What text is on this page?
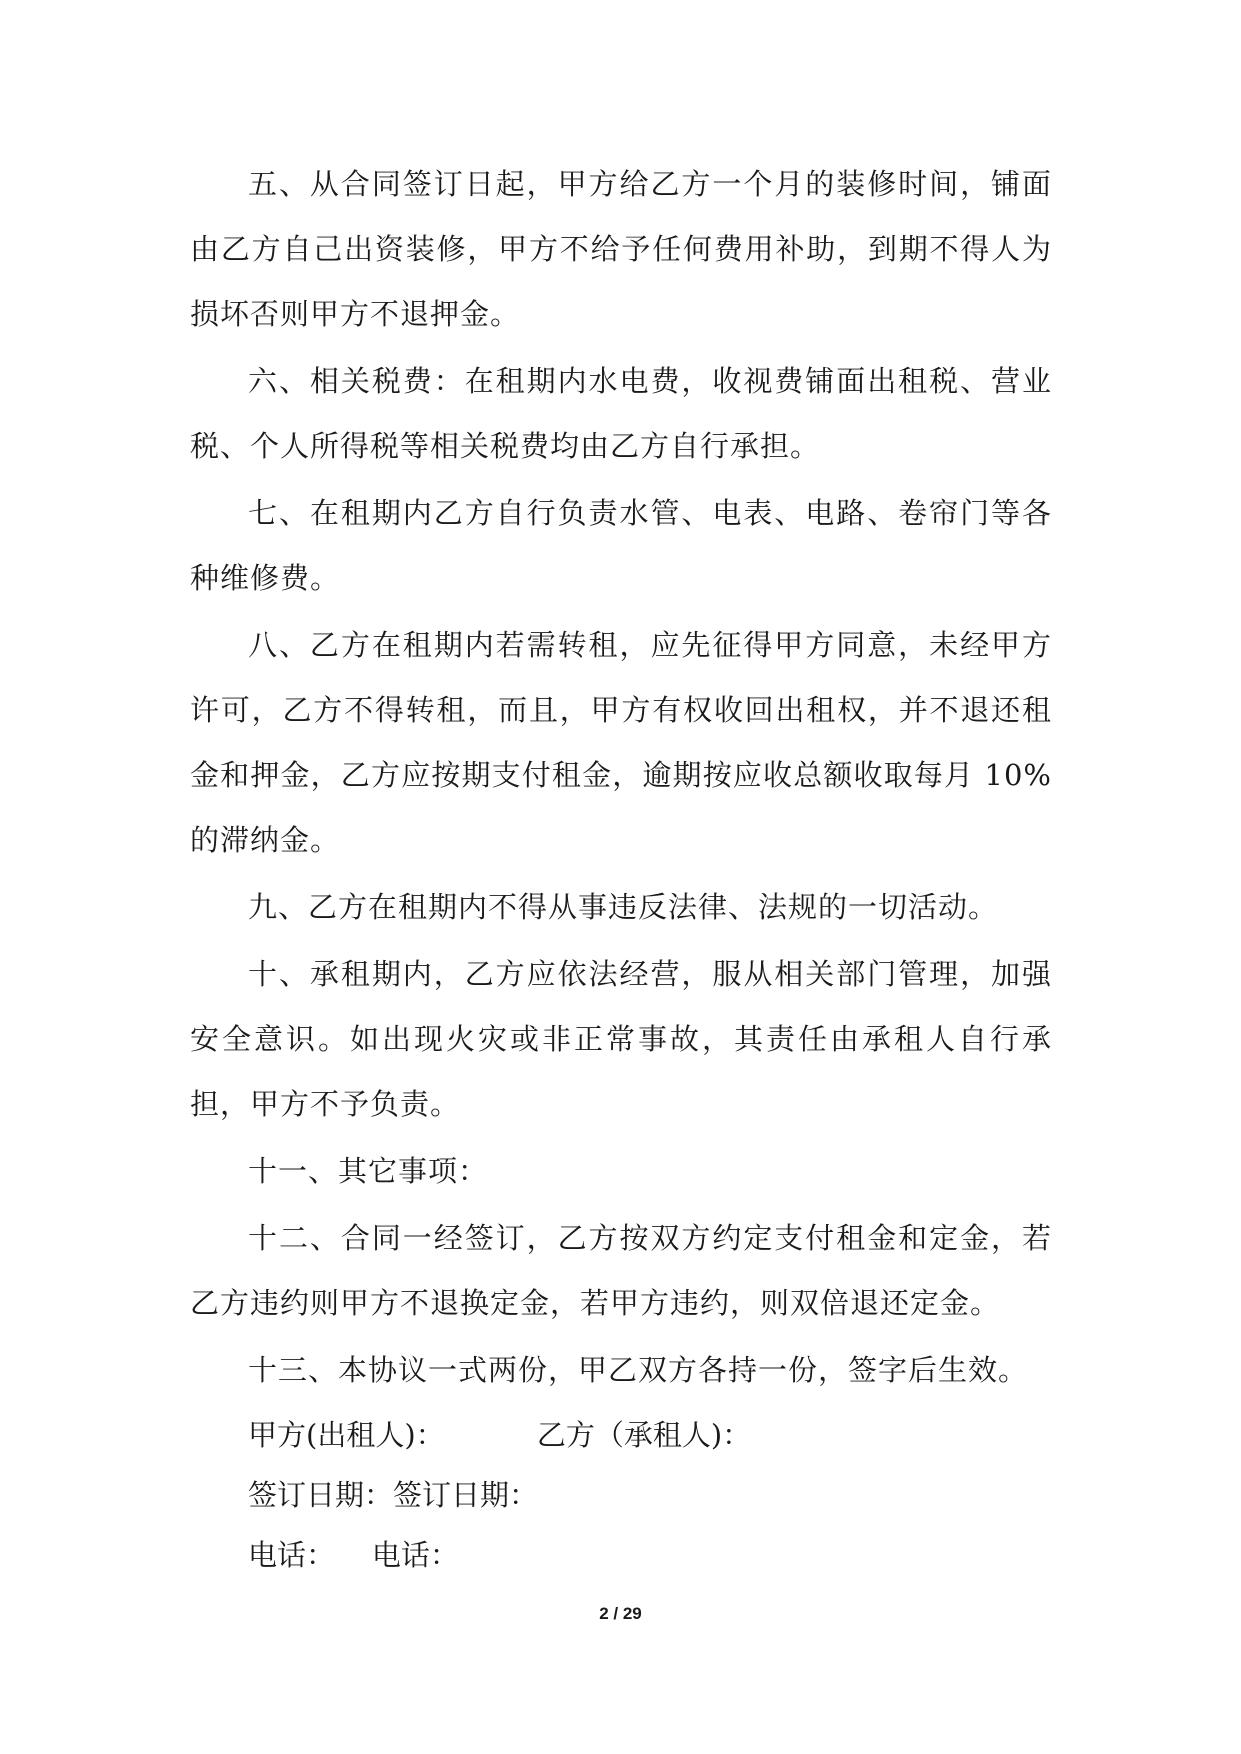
五、从合同签订日起，甲方给乙方一个月的装修时间，铺面由乙方自己出资装修，甲方不给予任何费用补助，到期不得人为损坏否则甲方不退押金。

六、相关税费：在租期内水电费，收视费铺面出租税、营业税、个人所得税等相关税费均由乙方自行承担。

七、在租期内乙方自行负责水管、电表、电路、卷帘门等各种维修费。

八、乙方在租期内若需转租，应先征得甲方同意，未经甲方许可，乙方不得转租，而且，甲方有权收回出租权，并不退还租金和押金，乙方应按期支付租金，逾期按应收总额收取每月 10%的滞纳金。

九、乙方在租期内不得从事违反法律、法规的一切活动。

十、承租期内，乙方应依法经营，服从相关部门管理，加强安全意识。如出现火灾或非正常事故，其责任由承租人自行承担，甲方不予负责。

十一、其它事项：

十二、合同一经签订，乙方按双方约定支付租金和定金，若乙方违约则甲方不退换定金，若甲方违约，则双倍退还定金。

十三、本协议一式两份，甲乙双方各持一份，签字后生效。

甲方(出租人)：	乙方（承租人)：
签订日期：签订日期：
电话： 电话：
2 / 29
